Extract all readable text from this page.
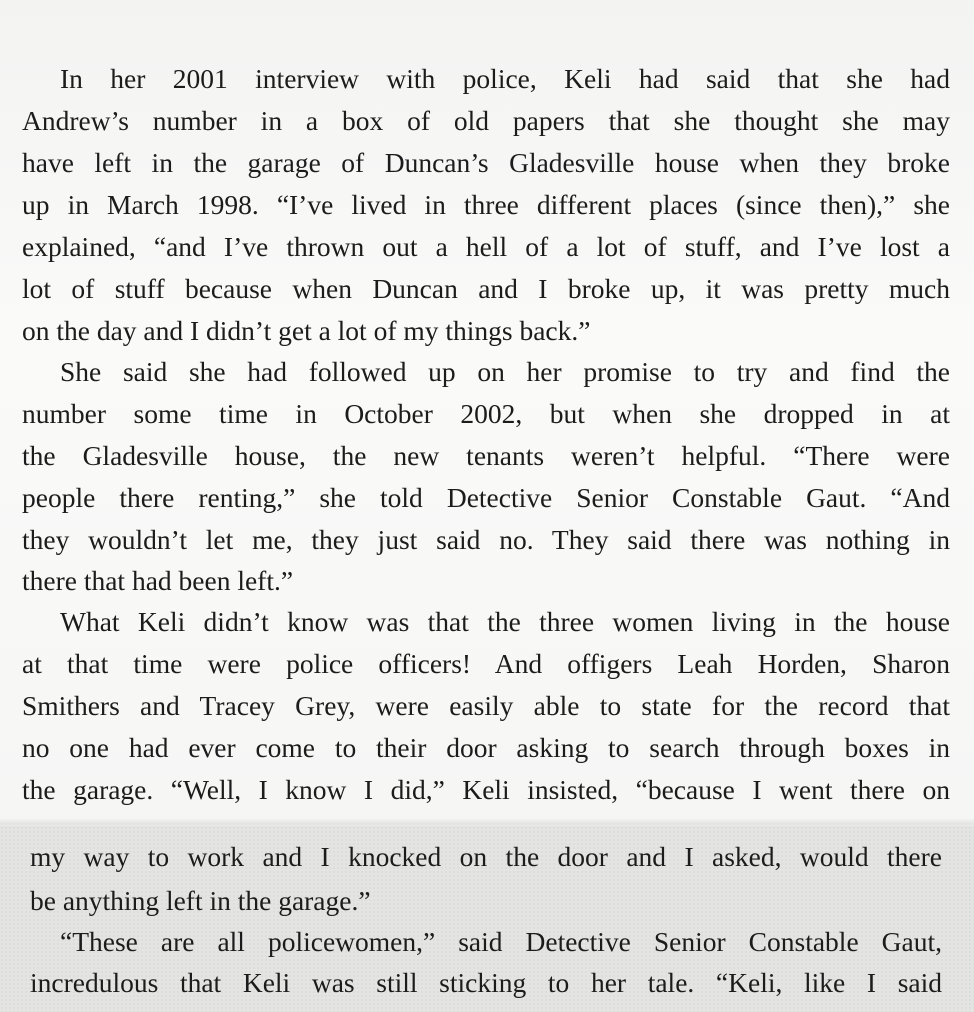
In her 2001 interview with police, Keli had said that she had
Andrew’s number in a box of old papers that she thought she may
have left in the garage of Duncan’s Gladesville house when they broke
up in March 1998. “I’ve lived in three different places (since then),” she
explained, “and I’ve thrown out a hell of a lot of stuff, and I’ve lost a
lot of stuff because when Duncan and I broke up, it was pretty much
on the day and I didn’t get a lot of my things back.”
She said she had followed up on her promise to try and find the
number some time in October 2002, but when she dropped in at
the Gladesville house, the new tenants weren’t helpful. “There were
people there renting,” she told Detective Senior Constable Gaut. “And
they wouldn’t let me, they just said no. They said there was nothing in
there that had been left.”
What Keli didn’t know was that the three women living in the house
at that time were police officers! And offigers Leah Horden, Sharon
Smithers and Tracey Grey, were easily able to state for the record that
no one had ever come to their door asking to search through boxes in
the garage. “Well, I know I did,” Keli insisted, “because I went there on
my way to work and I knocked on the door and I asked, would there
be anything left in the garage.”
“These are all policewomen,” said Detective Senior Constable Gaut,
incredulous that Keli was still sticking to her tale. “Keli, like I said
